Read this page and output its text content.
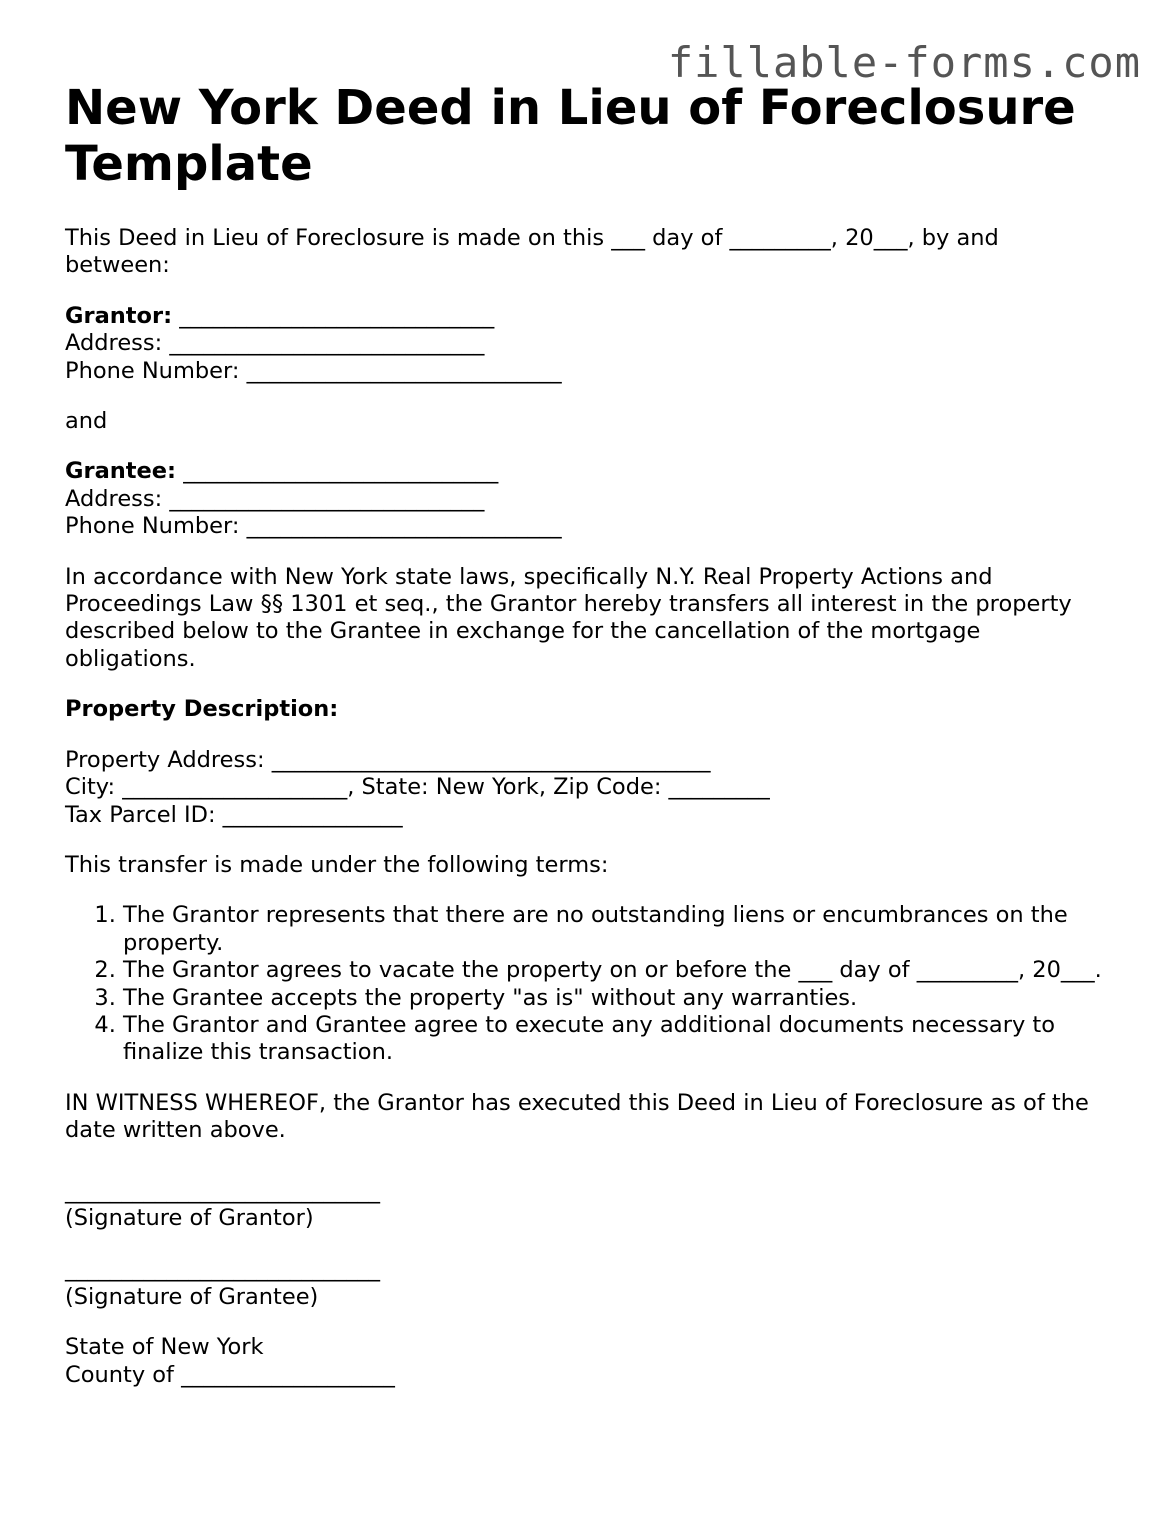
fillable-forms.com
New York Deed in Lieu of Foreclosure Template

This Deed in Lieu of Foreclosure is made on this ___ day of _________, 20___, by and between:

Grantor: ____________________________
Address: ____________________________
Phone Number: ____________________________

and

Grantee: ____________________________
Address: ____________________________
Phone Number: ____________________________

In accordance with New York state laws, specifically N.Y. Real Property Actions and Proceedings Law §§ 1301 et seq., the Grantor hereby transfers all interest in the property described below to the Grantee in exchange for the cancellation of the mortgage obligations.

Property Description:

Property Address: _______________________________________
City: ____________________, State: New York, Zip Code: _________
Tax Parcel ID: ________________

This transfer is made under the following terms:

1. The Grantor represents that there are no outstanding liens or encumbrances on the property.
2. The Grantor agrees to vacate the property on or before the ___ day of _________, 20___.
3. The Grantee accepts the property "as is" without any warranties.
4. The Grantor and Grantee agree to execute any additional documents necessary to finalize this transaction.

IN WITNESS WHEREOF, the Grantor has executed this Deed in Lieu of Foreclosure as of the date written above.

____________________________
(Signature of Grantor)
____________________________
(Signature of Grantee)
State of New York
County of ___________________
